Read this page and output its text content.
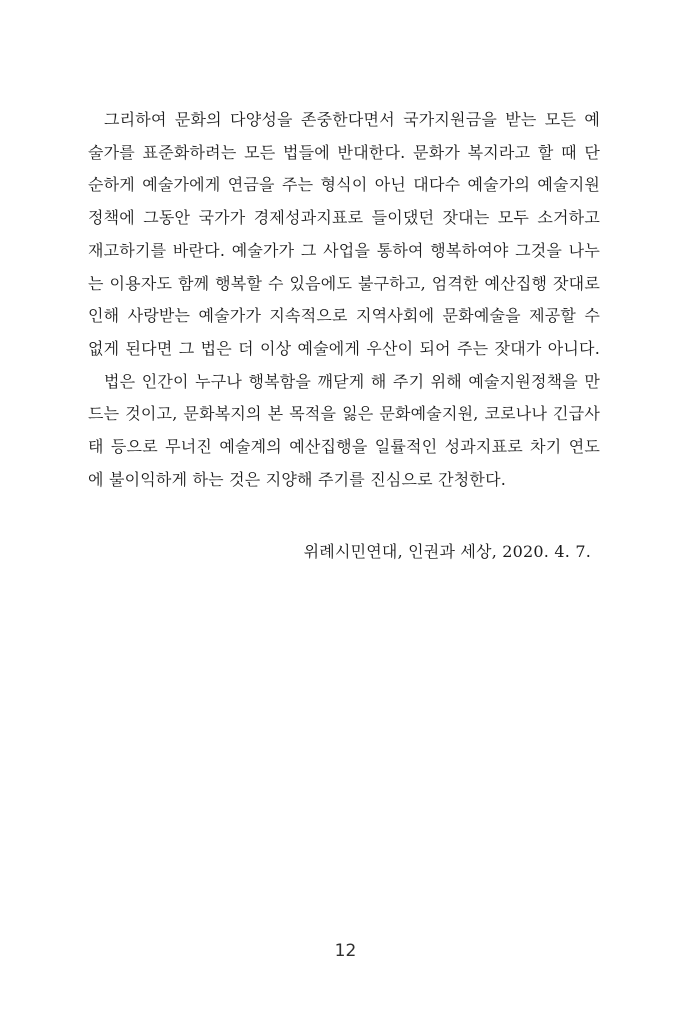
그리하여 문화의 다양성을 존중한다면서 국가지원금을 받는 모든 예

술가를 표준화하려는 모든 법들에 반대한다. 문화가 복지라고 할 때 단

순하게 예술가에게 연금을 주는 형식이 아닌 대다수 예술가의 예술지원

정책에 그동안 국가가 경제성과지표로 들이댔던 잣대는 모두 소거하고

재고하기를 바란다. 예술가가 그 사업을 통하여 행복하여야 그것을 나누

는 이용자도 함께 행복할 수 있음에도 불구하고, 엄격한 예산집행 잣대로

인해 사랑받는 예술가가 지속적으로 지역사회에 문화예술을 제공할 수

없게 된다면 그 법은 더 이상 예술에게 우산이 되어 주는 잣대가 아니다.

법은 인간이 누구나 행복함을 깨닫게 해 주기 위해 예술지원정책을 만

드는 것이고, 문화복지의 본 목적을 잃은 문화예술지원, 코로나나 긴급사

태 등으로 무너진 예술계의 예산집행을 일률적인 성과지표로 차기 연도

에 불이익하게 하는 것은 지양해 주기를 진심으로 간청한다.

위례시민연대, 인권과 세상, 2020. 4. 7.
12
